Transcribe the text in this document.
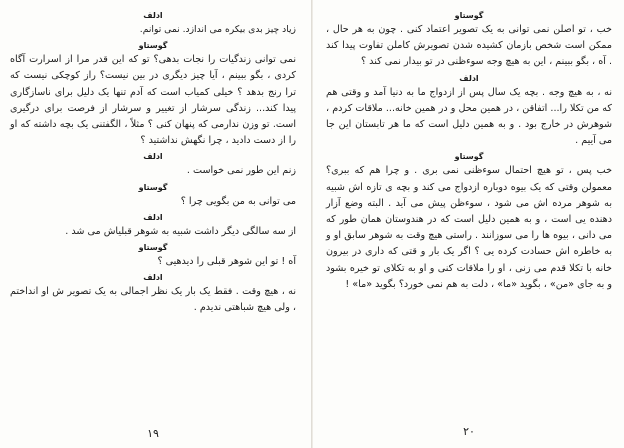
ادلف
زیاد چیز بدی بیکره می اندازد. نمی توانم.
گوستاو
نمی توانی زندگیات را نجات بدهی؟ تو که این قدر مرا از اسرارت آگاه کردی ، بگو ببینم ، آیا چیز دیگری در بین نیست؟ راز کوچکی نیست که ترا رنج بدهد ؟ خیلی کمیاب است که آدم تنها یک دلیل برای ناسازگاری پیدا کند... زندگی سرشار از تغییر و سرشار از فرصت برای درگیری است. تو وزن ندارمی که پنهان کنی ؟ مثلاً ، الگفتنی یک بچه داشته که او را از دست دادید ، چرا نگهش نداشتید ؟
ادلف
زنم این طور نمی خواست .
گوستاو
می توانی به من بگویی چرا ؟
ادلف
از سه سالگی دیگر داشت شبیه به شوهر قبلیاش می شد .
گوستاو
آه ! تو این شوهر قبلی را دیدهیی ؟
ادلف
نه ، هیچ وقت . فقط یک بار یک نظر اجمالی به یک تصویر ش او انداختم ، ولی هیچ شباهتی ندیدم .
۱۹
گوستاو
خب ، تو اصلن نمی توانی به یک تصویر اعتماد کنی . چون به هر حال ، ممکن است شخص بازمان کشیده شدن تصویرش کاملن تفاوت پیدا کند . آه ، بگو ببینم ، این به هیچ وجه سوءظنی در تو بیدار نمی کند ؟
ادلف
نه ، به هیچ وجه . بچه یک سال پس از ازدواج ما به دنیا آمد و وقتی هم که من تکلا را... اتفاقن ، در همین محل و در همین خانه... ملاقات کردم ، شوهرش در خارج بود . و به همین دلیل است که ما هر تابستان این جا می آییم .
گوستاو
خب پس ، تو هیچ احتمال سوءظنی نمی بری . و چرا هم که ببری؟ معمولن وقتی که یک بیوه دوباره ازدواج می کند و بچه ی تازه اش شبیه به شوهر مرده اش می شود ، سوءظن پیش می آید . البته وضع آزار دهنده یی است ، و به همین دلیل است که در هندوستان همان طور که می دانی ، بیوه ها را می سوزانند . راستی هیچ وقت به شوهر سابق او و به خاطره اش حسادت کرده یی ؟ اگر یک بار و قتی که داری در بیرون خانه با تکلا قدم می زنی ، او را ملاقات کنی و او به تکلای تو خیره بشود و به جای «من» ، بگوید «ما» ، دلت به هم نمی خورد؟ بگوید «ما» !
۲۰
